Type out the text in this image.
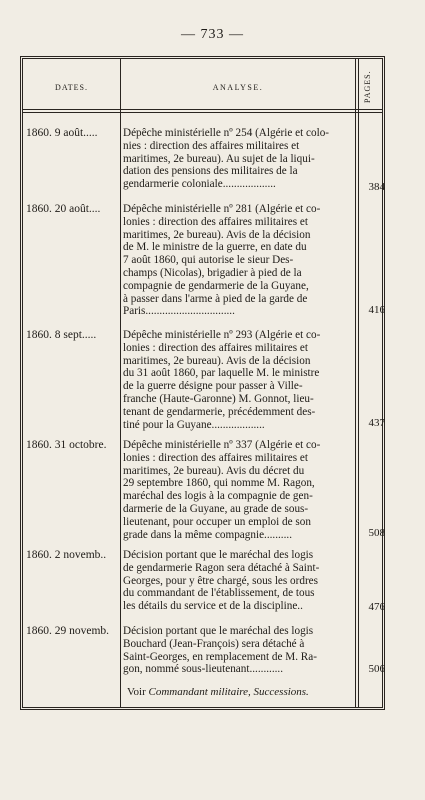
— 733 —
DATES.	ANALYSE.	PAGES.
1860. 9 août.....	Dépêche ministérielle nº 254 (Algérie et colo-
nies : direction des affaires militaires et
maritimes, 2e bureau). Au sujet de la liqui-
dation des pensions des militaires de la
gendarmerie coloniale...................	384
1860. 20 août....	Dépêche ministérielle nº 281 (Algérie et co-
lonies : direction des affaires militaires et
maritimes, 2e bureau). Avis de la décision
de M. le ministre de la guerre, en date du
7 août 1860, qui autorise le sieur Des-
champs (Nicolas), brigadier à pied de la
compagnie de gendarmerie de la Guyane,
à passer dans l'arme à pied de la garde de
Paris................................	416
1860. 8 sept.....	Dépêche ministérielle nº 293 (Algérie et co-
lonies : direction des affaires militaires et
maritimes, 2e bureau). Avis de la décision
du 31 août 1860, par laquelle M. le ministre
de la guerre désigne pour passer à Ville-
franche (Haute-Garonne) M. Gonnot, lieu-
tenant de gendarmerie, précédemment des-
tiné pour la Guyane...................	437
1860. 31 octobre.	Dépêche ministérielle nº 337 (Algérie et co-
lonies : direction des affaires militaires et
maritimes, 2e bureau). Avis du décret du
29 septembre 1860, qui nomme M. Ragon,
maréchal des logis à la compagnie de gen-
darmerie de la Guyane, au grade de sous-
lieutenant, pour occuper un emploi de son
grade dans la même compagnie..........	508
1860. 2 novemb..	Décision portant que le maréchal des logis
de gendarmerie Ragon sera détaché à Saint-
Georges, pour y être chargé, sous les ordres
du commandant de l'établissement, de tous
les détails du service et de la discipline..	476
1860. 29 novemb.	Décision portant que le maréchal des logis
Bouchard (Jean-François) sera détaché à
Saint-Georges, en remplacement de M. Ra-
gon, nommé sous-lieutenant............	506
Voir Commandant militaire, Successions.
